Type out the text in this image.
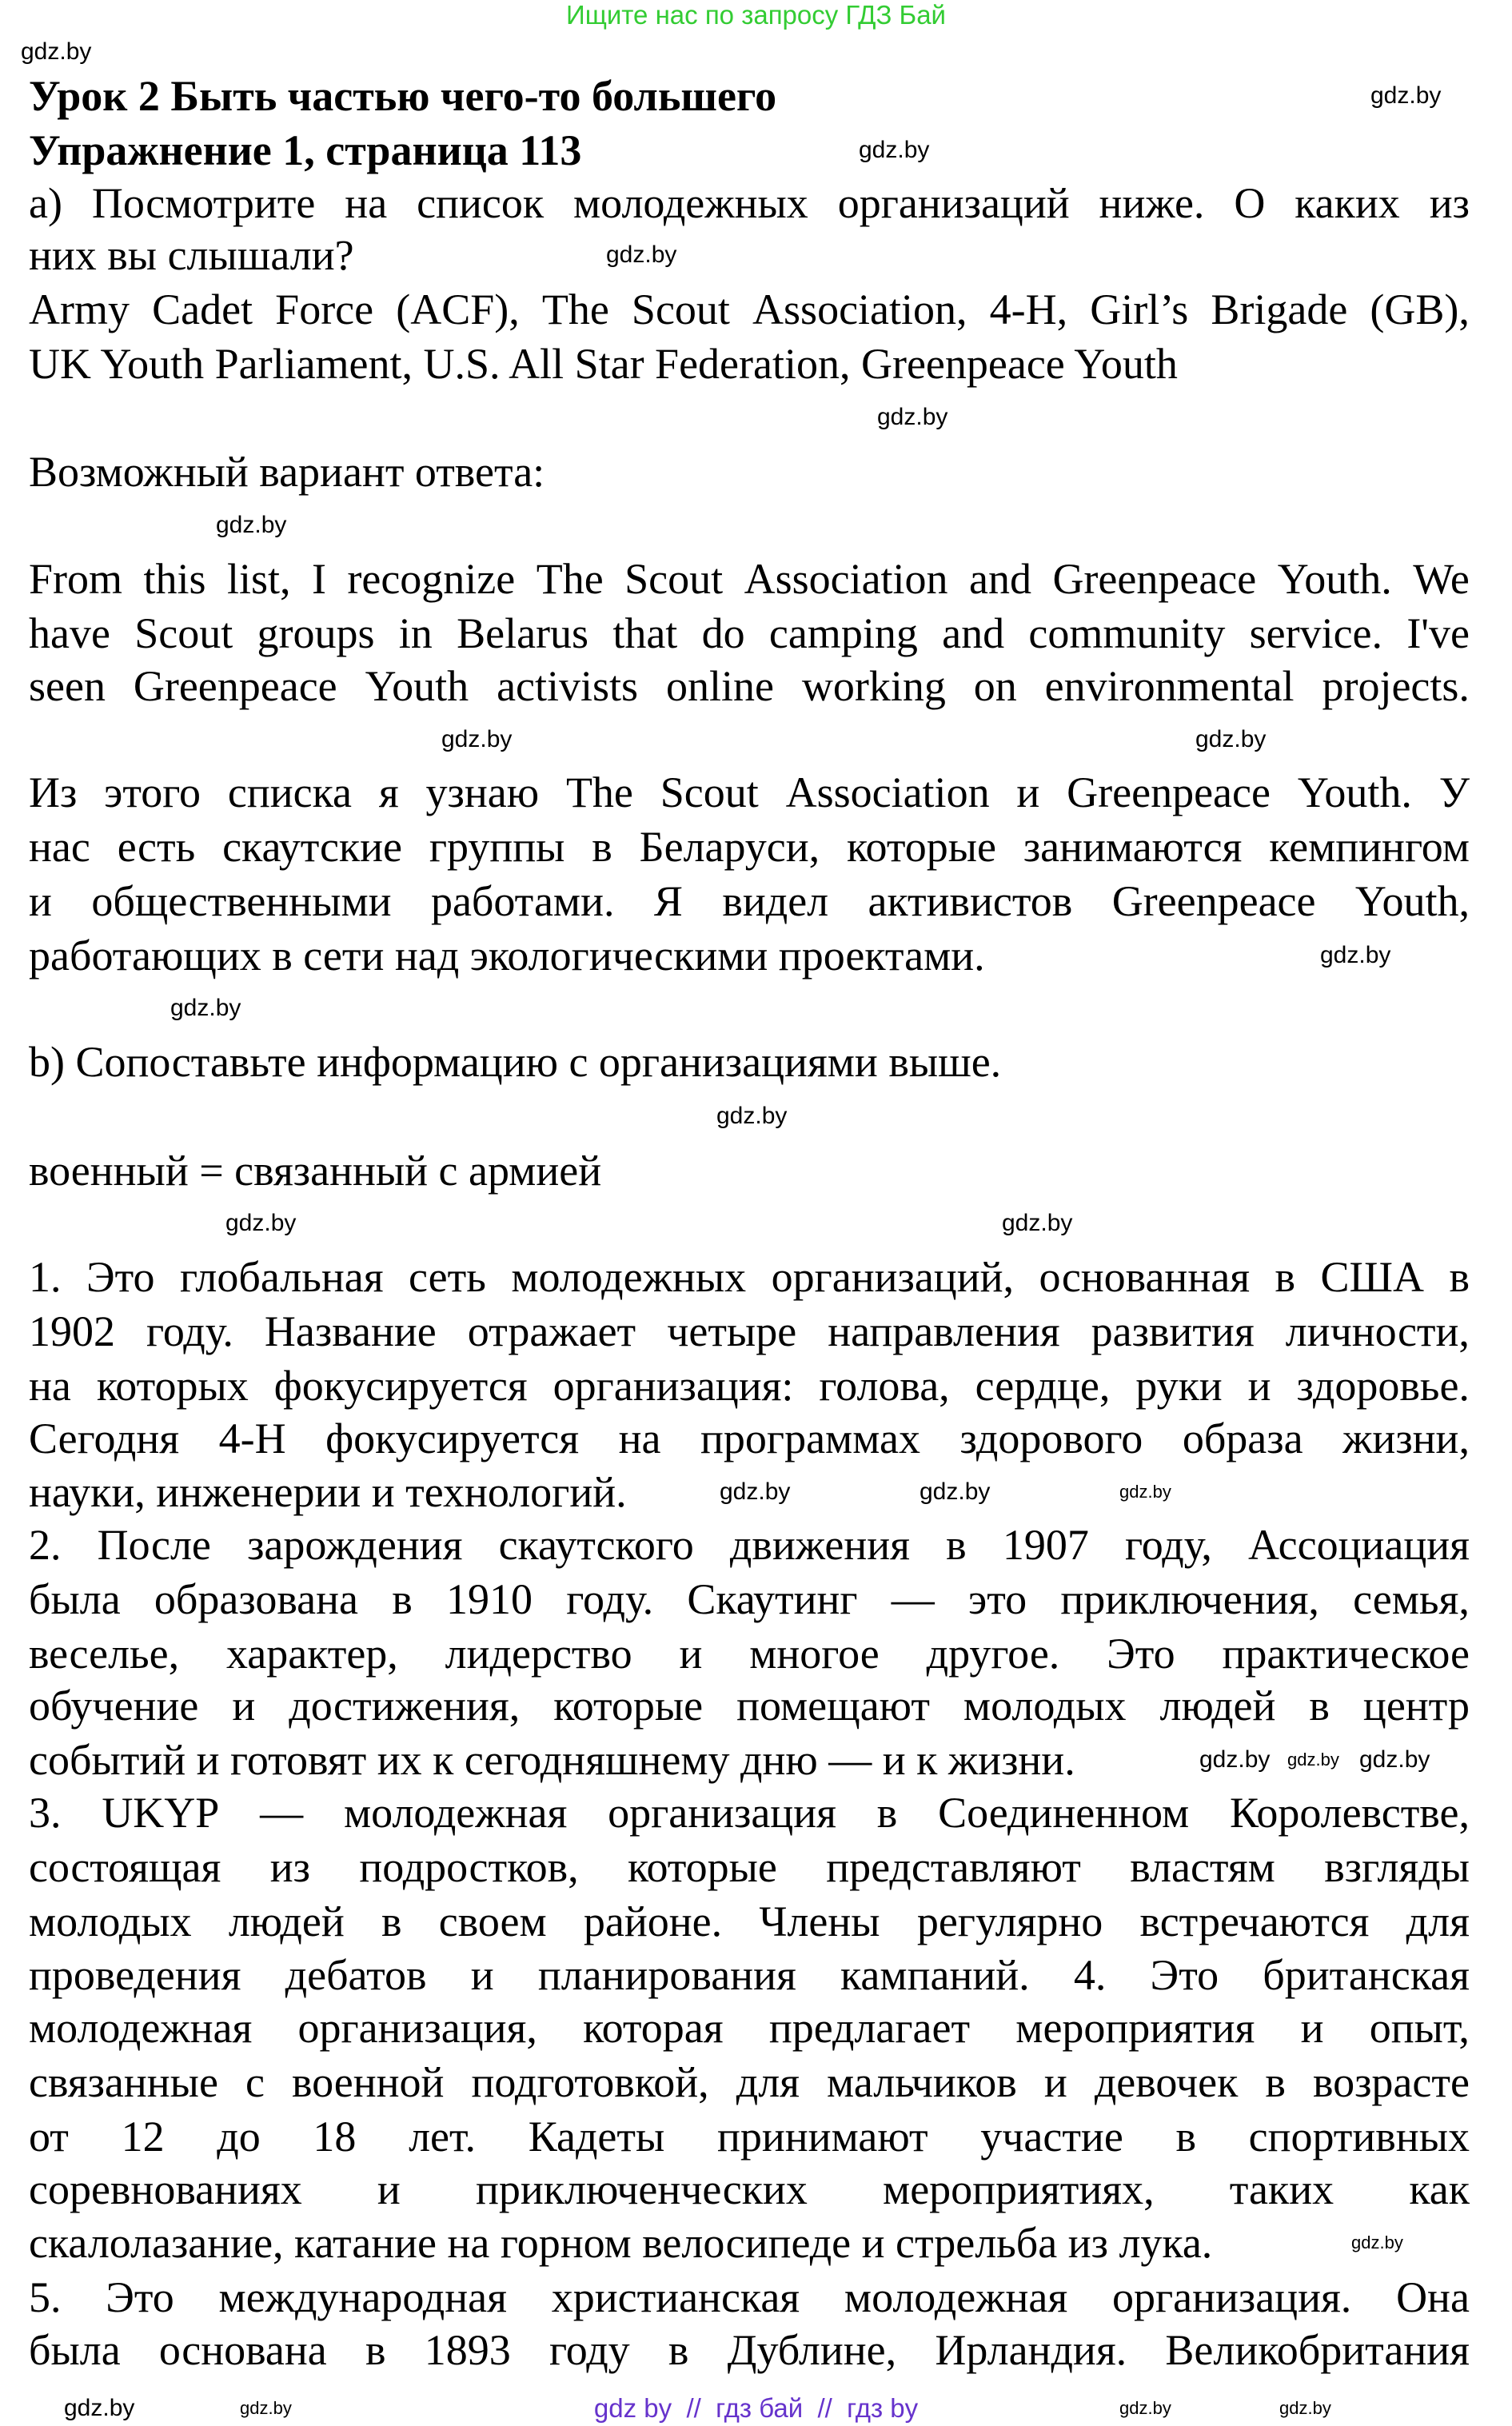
Ищите нас по запросу ГДЗ Бай
Урок 2 Быть частью чего-то большего
Упражнение 1, страница 113
а) Посмотрите на список молодежных организаций ниже. О каких из
них вы слышали?
Army Cadet Force (ACF), The Scout Association, 4-H, Girl’s Brigade (GB),
UK Youth Parliament, U.S. All Star Federation, Greenpeace Youth
Возможный вариант ответа:
From this list, I recognize The Scout Association and Greenpeace Youth. We
have Scout groups in Belarus that do camping and community service. I've
seen Greenpeace Youth activists online working on environmental projects.
Из этого списка я узнаю The Scout Association и Greenpeace Youth. У
нас есть скаутские группы в Беларуси, которые занимаются кемпингом
и общественными работами. Я видел активистов Greenpeace Youth,
работающих в сети над экологическими проектами.
b) Сопоставьте информацию с организациями выше.
военный = связанный с армией
1. Это глобальная сеть молодежных организаций, основанная в США в
1902 году. Название отражает четыре направления развития личности,
на которых фокусируется организация: голова, сердце, руки и здоровье.
Сегодня 4-H фокусируется на программах здорового образа жизни,
науки, инженерии и технологий.
2. После зарождения скаутского движения в 1907 году, Ассоциация
была образована в 1910 году. Скаутинг — это приключения, семья,
веселье, характер, лидерство и многое другое. Это практическое
обучение и достижения, которые помещают молодых людей в центр
событий и готовят их к сегодняшнему дню — и к жизни.
3. UKYP — молодежная организация в Соединенном Королевстве,
состоящая из подростков, которые представляют властям взгляды
молодых людей в своем районе. Члены регулярно встречаются для
проведения дебатов и планирования кампаний. 4. Это британская
молодежная организация, которая предлагает мероприятия и опыт,
связанные с военной подготовкой, для мальчиков и девочек в возрасте
от 12 до 18 лет. Кадеты принимают участие в спортивных
соревнованиях и приключенческих мероприятиях, таких как
скалолазание, катание на горном велосипеде и стрельба из лука.
5. Это международная христианская молодежная организация. Она
была основана в 1893 году в Дублине, Ирландия. Великобритания
gdz.by
gdz.by
gdz.by
gdz.by
gdz.by
gdz.by
gdz.by	gdz.by
gdz.by
gdz.by
gdz.by
gdz.by
gdz.by
gdz.by
gdz.by
gdz.by
gdz.by gdz.by gdz.by
gdz.by
gdz.by
gdz.by	gdz.by	gdz.by
gdz by  //  гдз бай  //  гдз by
